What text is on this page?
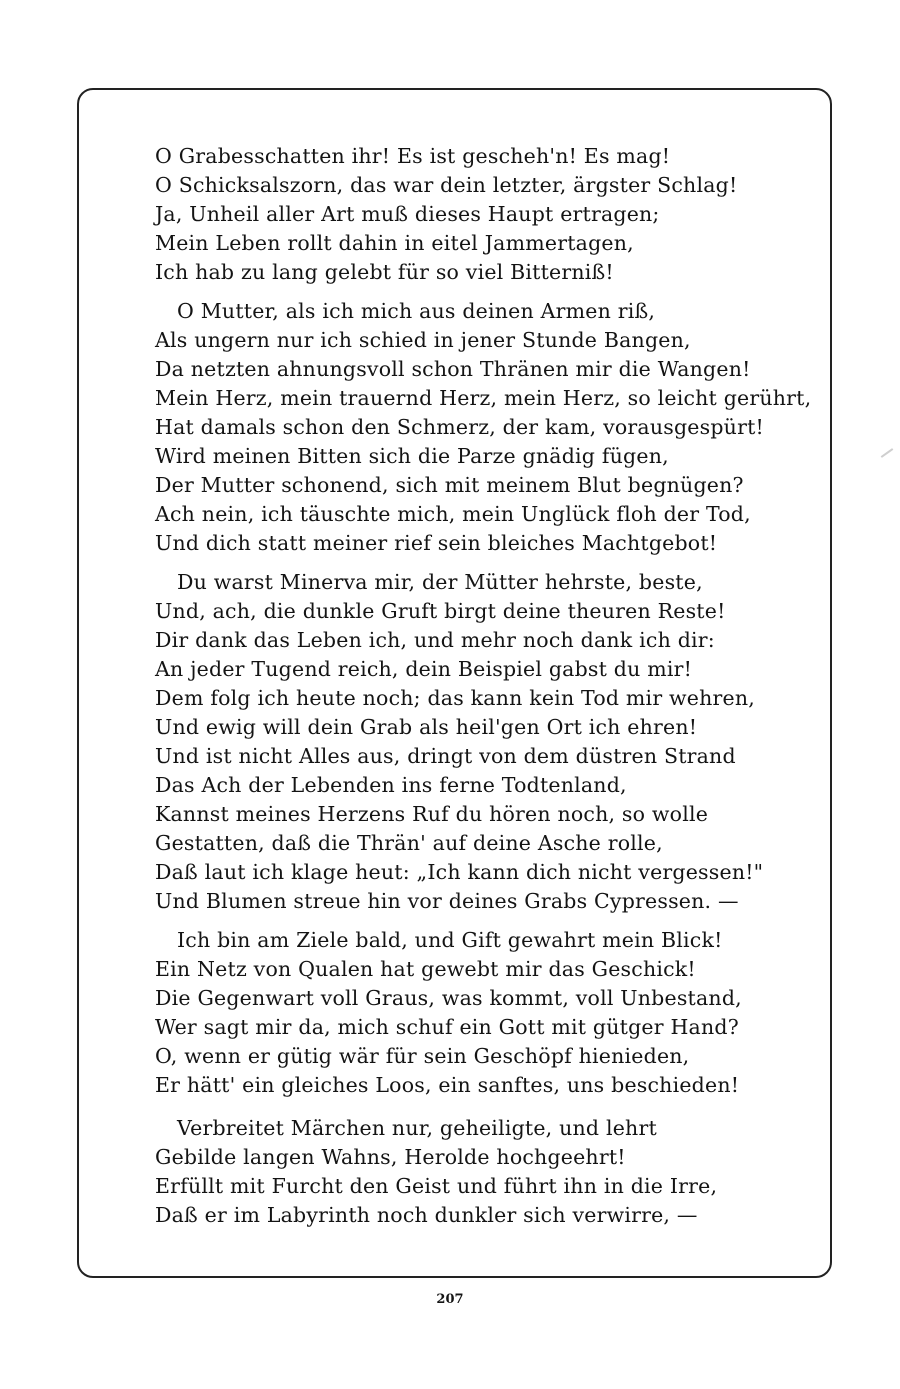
O Grabesschatten ihr! Es ist gescheh'n! Es mag!
O Schicksalszorn, das war dein letzter, ärgster Schlag!
Ja, Unheil aller Art muß dieses Haupt ertragen;
Mein Leben rollt dahin in eitel Jammertagen,
Ich hab zu lang gelebt für so viel Bitterniß!
O Mutter, als ich mich aus deinen Armen riß,
Als ungern nur ich schied in jener Stunde Bangen,
Da netzten ahnungsvoll schon Thränen mir die Wangen!
Mein Herz, mein trauernd Herz, mein Herz, so leicht gerührt,
Hat damals schon den Schmerz, der kam, vorausgespürt!
Wird meinen Bitten sich die Parze gnädig fügen,
Der Mutter schonend, sich mit meinem Blut begnügen?
Ach nein, ich täuschte mich, mein Unglück floh der Tod,
Und dich statt meiner rief sein bleiches Machtgebot!
Du warst Minerva mir, der Mütter hehrste, beste,
Und, ach, die dunkle Gruft birgt deine theuren Reste!
Dir dank das Leben ich, und mehr noch dank ich dir:
An jeder Tugend reich, dein Beispiel gabst du mir!
Dem folg ich heute noch; das kann kein Tod mir wehren,
Und ewig will dein Grab als heil'gen Ort ich ehren!
Und ist nicht Alles aus, dringt von dem düstren Strand
Das Ach der Lebenden ins ferne Todtenland,
Kannst meines Herzens Ruf du hören noch, so wolle
Gestatten, daß die Thrän' auf deine Asche rolle,
Daß laut ich klage heut: „Ich kann dich nicht vergessen!"
Und Blumen streue hin vor deines Grabs Cypressen. —
Ich bin am Ziele bald, und Gift gewahrt mein Blick!
Ein Netz von Qualen hat gewebt mir das Geschick!
Die Gegenwart voll Graus, was kommt, voll Unbestand,
Wer sagt mir da, mich schuf ein Gott mit gütger Hand?
O, wenn er gütig wär für sein Geschöpf hienieden,
Er hätt' ein gleiches Loos, ein sanftes, uns beschieden!
Verbreitet Märchen nur, geheiligte, und lehrt
Gebilde langen Wahns, Herolde hochgeehrt!
Erfüllt mit Furcht den Geist und führt ihn in die Irre,
Daß er im Labyrinth noch dunkler sich verwirre, —
207
